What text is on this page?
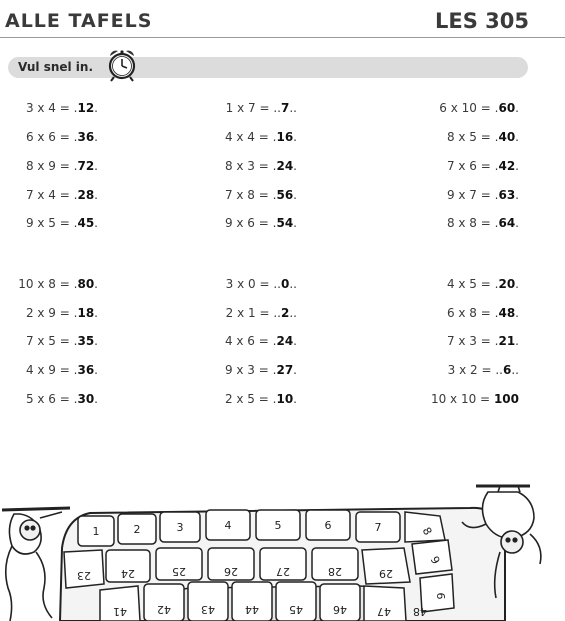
ALLE TAFELS	LES 305
Vul snel in.
3 x 4 = .12.	1 x 7 = ..7..	6 x 10 = .60.
6 x 6 = .36.	4 x 4 = .16.	8 x 5 = .40.
8 x 9 = .72.	8 x 3 = .24.	7 x 6 = .42.
7 x 4 = .28.	7 x 8 = .56.	9 x 7 = .63.
9 x 5 = .45.	9 x 6 = .54.	8 x 8 = .64.
10 x 8 = .80.	3 x 0 = ..0..	4 x 5 = .20.
2 x 9 = .18.	2 x 1 = ..2..	6 x 8 = .48.
7 x 5 = .35.	4 x 6 = .24.	7 x 3 = .21.
4 x 9 = .36.	9 x 3 = .27.	3 x 2 = ..6..
5 x 6 = .30.	2 x 5 = .10.	10 x 10 = 100
1	2	3	4	5	6	7	8
9
23	24	25	26	27	28	29
41	42	43	44	45	46	47 48
6
